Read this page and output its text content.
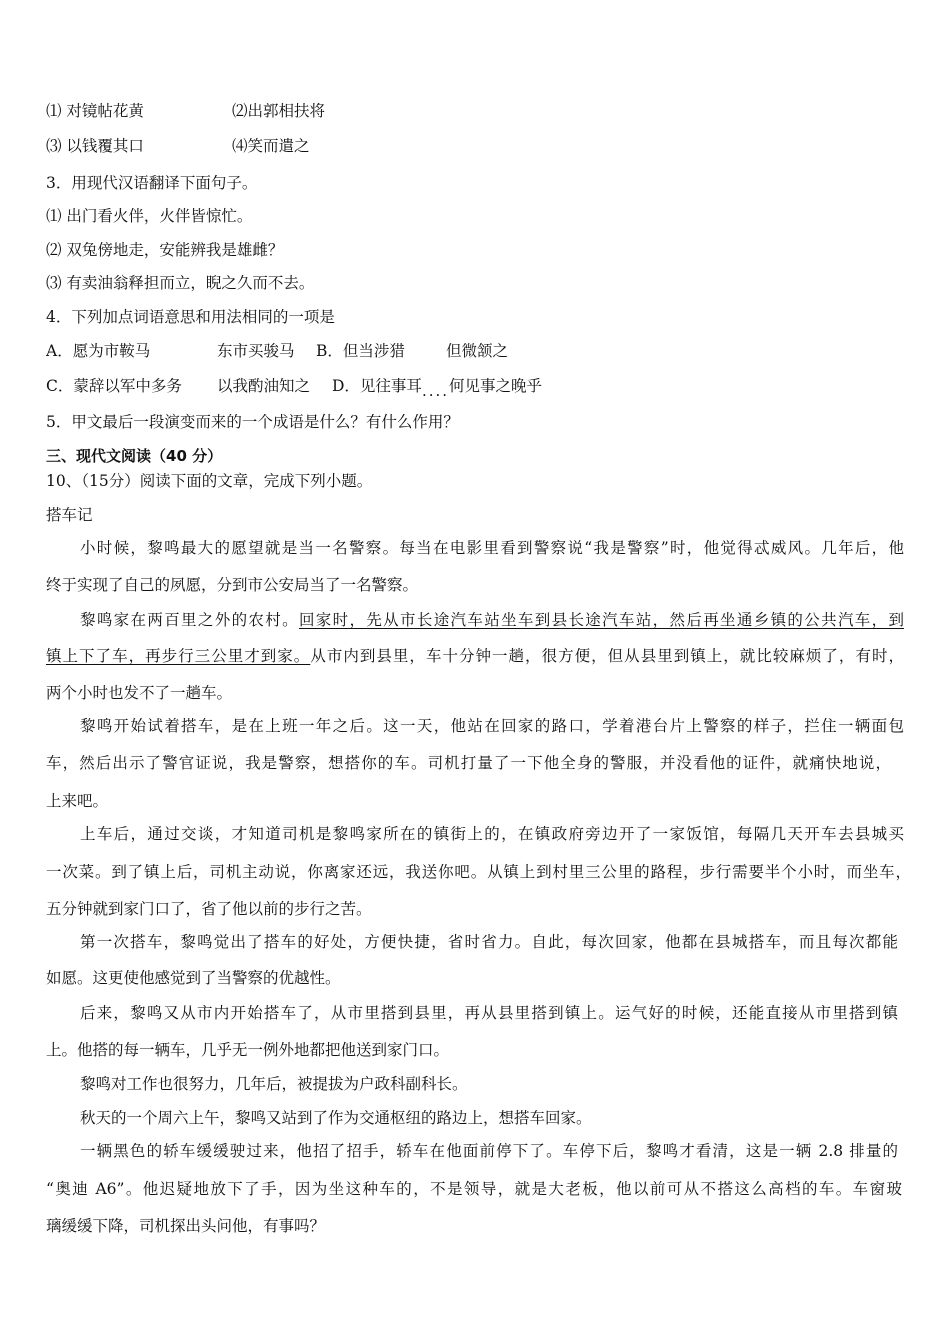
⑴ 对镜帖花黄	⑵出郭相扶将
⑶ 以钱覆其口	⑷笑而遣之
3．用现代汉语翻译下面句子。
⑴ 出门看火伴，火伴皆惊忙。
⑵ 双兔傍地走，安能辨我是雄雌？
⑶ 有卖油翁释担而立，睨之久而不去。
4．下列加点词语意思和用法相同的一项是
A．愿为市鞍马	东市买骏马 B．但当涉猎	但微颔之
C．蒙辞以军中多务 以我酌油知之 D．见往事耳....何见事之晚乎
5．甲文最后一段演变而来的一个成语是什么？有什么作用？
三、现代文阅读（40 分）
10、（15分）阅读下面的文章，完成下列小题。
搭车记
小时候，黎鸣最大的愿望就是当一名警察。每当在电影里看到警察说“我是警察”时，他觉得忒威风。几年后，他
终于实现了自己的夙愿，分到市公安局当了一名警察。
黎鸣家在两百里之外的农村。回家时，先从市长途汽车站坐车到县长途汽车站，然后再坐通乡镇的公共汽车，到
镇上下了车，再步行三公里才到家。从市内到县里，车十分钟一趟，很方便，但从县里到镇上，就比较麻烦了，有时，
两个小时也发不了一趟车。
黎鸣开始试着搭车，是在上班一年之后。这一天，他站在回家的路口，学着港台片上警察的样子，拦住一辆面包
车，然后出示了警官证说，我是警察，想搭你的车。司机打量了一下他全身的警服，并没看他的证件，就痛快地说，
上来吧。
上车后，通过交谈，才知道司机是黎鸣家所在的镇街上的，在镇政府旁边开了一家饭馆，每隔几天开车去县城买
一次菜。到了镇上后，司机主动说，你离家还远，我送你吧。从镇上到村里三公里的路程，步行需要半个小时，而坐车，
五分钟就到家门口了，省了他以前的步行之苦。
第一次搭车，黎鸣觉出了搭车的好处，方便快捷，省时省力。自此，每次回家，他都在县城搭车，而且每次都能
如愿。这更使他感觉到了当警察的优越性。
后来，黎鸣又从市内开始搭车了，从市里搭到县里，再从县里搭到镇上。运气好的时候，还能直接从市里搭到镇
上。他搭的每一辆车，几乎无一例外地都把他送到家门口。
黎鸣对工作也很努力，几年后，被提拔为户政科副科长。
秋天的一个周六上午，黎鸣又站到了作为交通枢纽的路边上，想搭车回家。
一辆黑色的轿车缓缓驶过来，他招了招手，轿车在他面前停下了。车停下后，黎鸣才看清，这是一辆 2.8 排量的
“奥迪 A6”。他迟疑地放下了手，因为坐这种车的，不是领导，就是大老板，他以前可从不搭这么高档的车。车窗玻
璃缓缓下降，司机探出头问他，有事吗？
